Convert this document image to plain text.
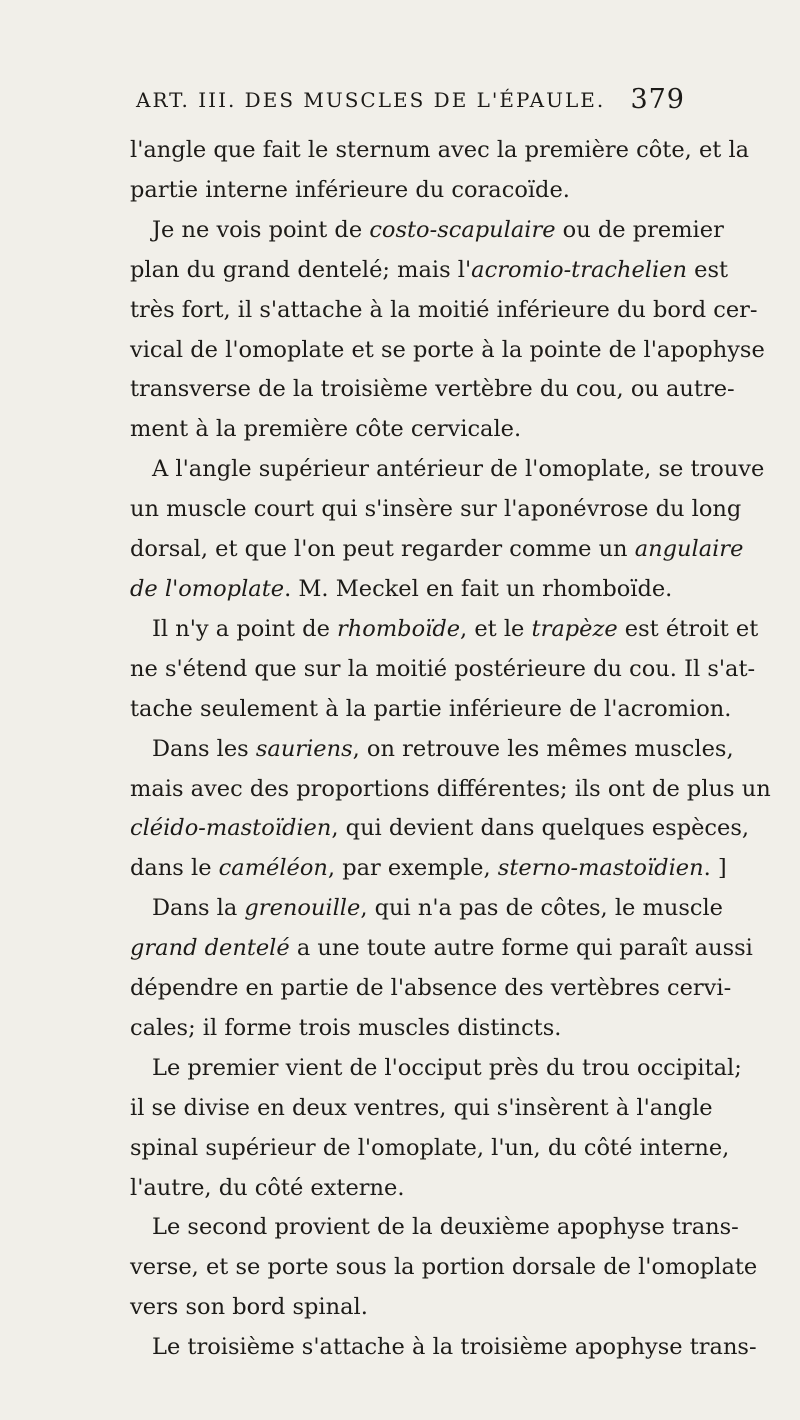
ART. III. DES MUSCLES DE L'ÉPAULE. 379
l'angle que fait le sternum avec la première côte, et la
partie interne inférieure du coracoïde.
Je ne vois point de costo-scapulaire ou de premier
plan du grand dentelé; mais l'acromio-trachelien est
très fort, il s'attache à la moitié inférieure du bord cer-
vical de l'omoplate et se porte à la pointe de l'apophyse
transverse de la troisième vertèbre du cou, ou autre-
ment à la première côte cervicale.
A l'angle supérieur antérieur de l'omoplate, se trouve
un muscle court qui s'insère sur l'aponévrose du long
dorsal, et que l'on peut regarder comme un angulaire
de l'omoplate. M. Meckel en fait un rhomboïde.
Il n'y a point de rhomboïde, et le trapèze est étroit et
ne s'étend que sur la moitié postérieure du cou. Il s'at-
tache seulement à la partie inférieure de l'acromion.
Dans les sauriens, on retrouve les mêmes muscles,
mais avec des proportions différentes; ils ont de plus un
cléido-mastoïdien, qui devient dans quelques espèces,
dans le caméléon, par exemple, sterno-mastoïdien. ]
Dans la grenouille, qui n'a pas de côtes, le muscle
grand dentelé a une toute autre forme qui paraît aussi
dépendre en partie de l'absence des vertèbres cervi-
cales; il forme trois muscles distincts.
Le premier vient de l'occiput près du trou occipital;
il se divise en deux ventres, qui s'insèrent à l'angle
spinal supérieur de l'omoplate, l'un, du côté interne,
l'autre, du côté externe.
Le second provient de la deuxième apophyse trans-
verse, et se porte sous la portion dorsale de l'omoplate
vers son bord spinal.
Le troisième s'attache à la troisième apophyse trans-
